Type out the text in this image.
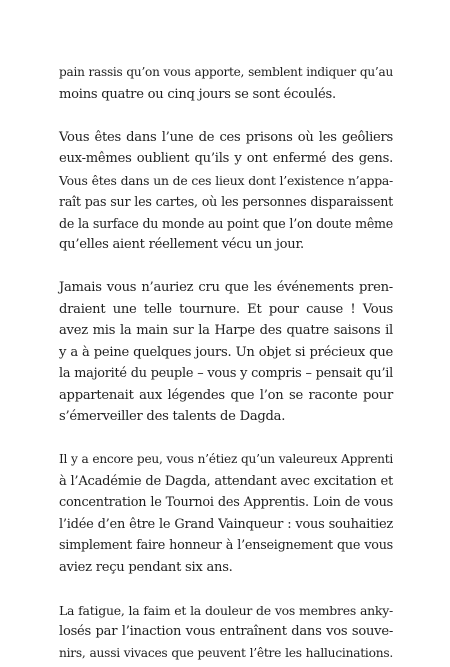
pain rassis qu’on vous apporte, semblent indiquer qu’au
moins quatre ou cinq jours se sont écoulés.

Vous êtes dans l’une de ces prisons où les geôliers
eux-mêmes oublient qu’ils y ont enfermé des gens.
Vous êtes dans un de ces lieux dont l’existence n’appa-
raît pas sur les cartes, où les personnes disparaissent
de la surface du monde au point que l’on doute même
qu’elles aient réellement vécu un jour.

Jamais vous n’auriez cru que les événements pren-
draient une telle tournure. Et pour cause ! Vous
avez mis la main sur la Harpe des quatre saisons il
y a à peine quelques jours. Un objet si précieux que
la majorité du peuple – vous y compris – pensait qu’il
appartenait aux légendes que l’on se raconte pour
s’émerveiller des talents de Dagda.

Il y a encore peu, vous n’étiez qu’un valeureux Apprenti
à l’Académie de Dagda, attendant avec excitation et
concentration le Tournoi des Apprentis. Loin de vous
l’idée d’en être le Grand Vainqueur : vous souhaitiez
simplement faire honneur à l’enseignement que vous
aviez reçu pendant six ans.

La fatigue, la faim et la douleur de vos membres anky-
losés par l’inaction vous entraînent dans vos souve-
nirs, aussi vivaces que peuvent l’être les hallucinations.
